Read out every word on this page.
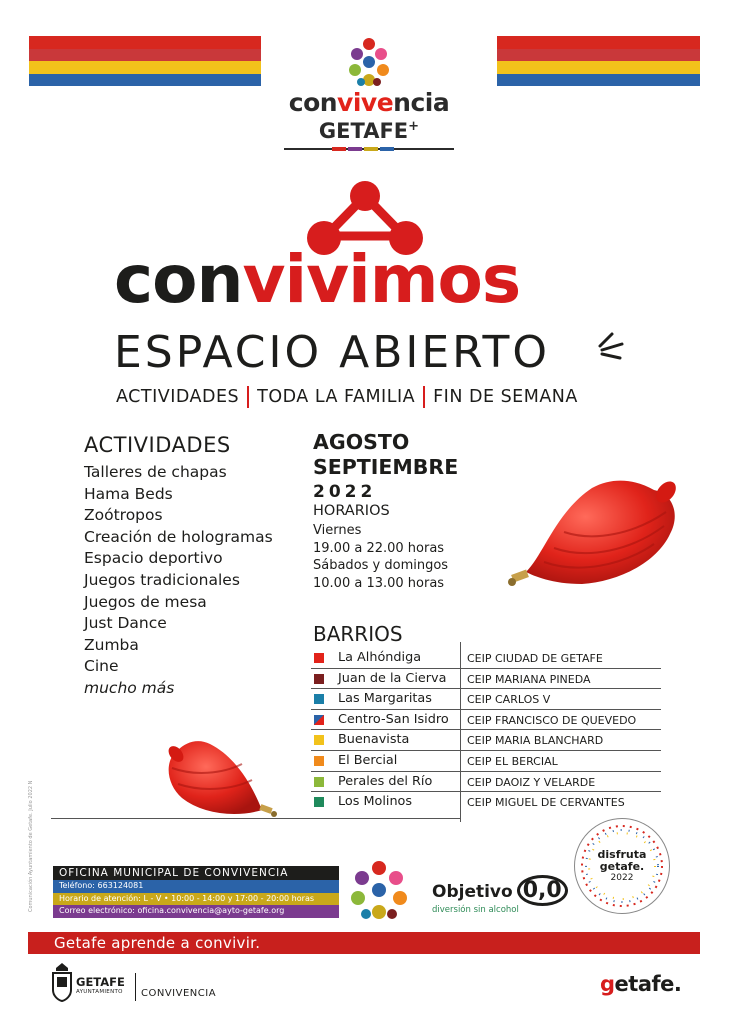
convivencia
GETAFE+
convivimos
ESPACIO ABIERTO
ACTIVIDADES TODA LA FAMILIA FIN DE SEMANA
ACTIVIDADES
Talleres de chapas
Hama Beds
Zoótropos
Creación de hologramas
Espacio deportivo
Juegos tradicionales
Juegos de mesa
Just Dance
Zumba
Cine
mucho más
AGOSTO
SEPTIEMBRE
2022
HORARIOS
Viernes
19.00 a 22.00 horas
Sábados y domingos
10.00 a 13.00 horas
BARRIOS
La Alhóndiga	CEIP CIUDAD DE GETAFE
Juan de la Cierva CEIP MARIANA PINEDA
Las Margaritas	CEIP CARLOS V
Centro-San Isidro CEIP FRANCISCO DE QUEVEDO
Buenavista	CEIP MARIA BLANCHARD
El Bercial	CEIP EL BERCIAL
Perales del Río	CEIP DAOIZ Y VELARDE
Los Molinos	CEIP MIGUEL DE CERVANTES
OFICINA MUNICIPAL DE CONVIVENCIA
Teléfono: 663124081
Horario de atención: L - V • 10:00 - 14:00 y 17:00 - 20:00 horas
Correo electrónico: oficina.convivencia@ayto-getafe.org
Objetivo 0,0
diversión sin alcohol
disfruta
getafe.
2022
Getafe aprende a convivir.
GETAFE
AYUNTAMIENTO CONVIVENCIA	getafe.
Comunicación Ayuntamiento de Getafe. Julio 2022 N
